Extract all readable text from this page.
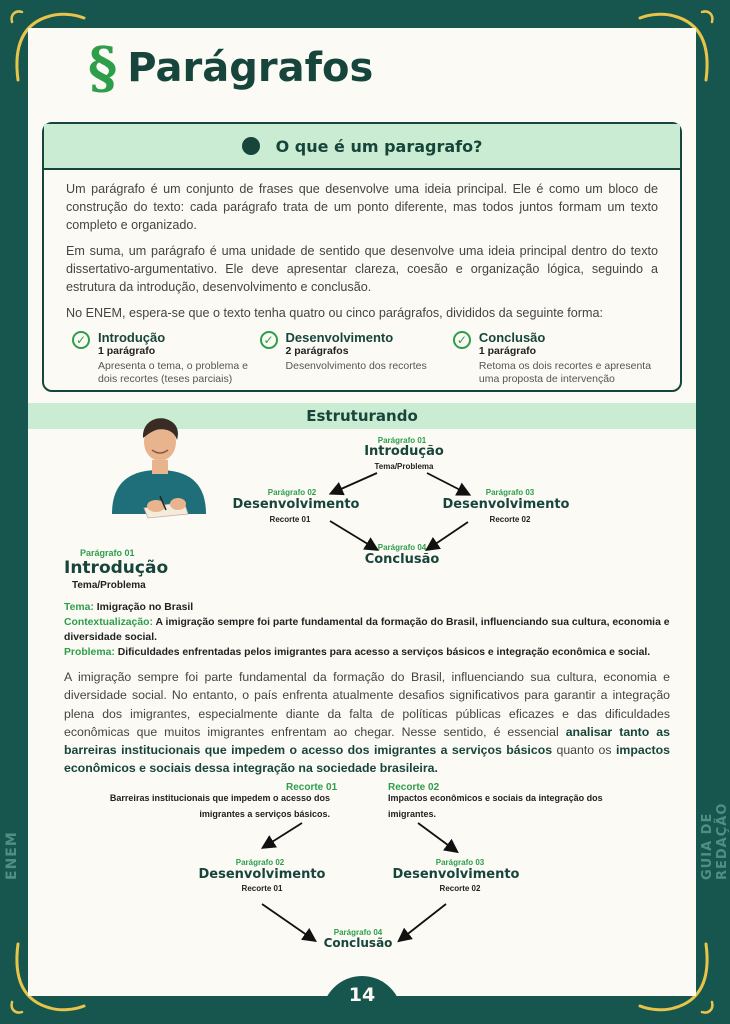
ENEM	GUIA DE REDAÇÃO
§ Parágrafos
O que é um paragrafo?

Um parágrafo é um conjunto de frases que desenvolve uma ideia principal. Ele é como um bloco de construção do texto: cada parágrafo trata de um ponto diferente, mas todos juntos formam um texto completo e organizado.

Em suma, um parágrafo é uma unidade de sentido que desenvolve uma ideia principal dentro do texto dissertativo-argumentativo. Ele deve apresentar clareza, coesão e organização lógica, seguindo a estrutura da introdução, desenvolvimento e conclusão.

No ENEM, espera-se que o texto tenha quatro ou cinco parágrafos, divididos da seguinte forma:

✓ Introdução
1 parágrafo
Apresenta o tema, o problema e dois recortes (teses parciais)
✓ Desenvolvimento
2 parágrafos
Desenvolvimento dos recortes
✓ Conclusão
1 parágrafo
Retoma os dois recortes e apresenta uma proposta de intervenção
Estruturando
Parágrafo 01
Introdução
Tema/Problema
Parágrafo 02
Desenvolvimento
Recorte 01
Parágrafo 03
Desenvolvimento
Recorte 02
Parágrafo 04
Conclusão
Parágrafo 01
Introdução
Tema/Problema
Tema: Imigração no Brasil
Contextualização: A imigração sempre foi parte fundamental da formação do Brasil, influenciando sua cultura, economia e diversidade social.
Problema: Dificuldades enfrentadas pelos imigrantes para acesso a serviços básicos e integração econômica e social.
A imigração sempre foi parte fundamental da formação do Brasil, influenciando sua cultura, economia e diversidade social. No entanto, o país enfrenta atualmente desafios significativos para garantir a integração plena dos imigrantes, especialmente diante da falta de políticas públicas eficazes e das dificuldades econômicas que muitos imigrantes enfrentam ao chegar. Nesse sentido, é essencial analisar tanto as barreiras institucionais que impedem o acesso dos imigrantes a serviços básicos quanto os impactos econômicos e sociais dessa integração na sociedade brasileira.
Recorte 01
Barreiras institucionais que impedem o acesso dos
imigrantes a serviços básicos.
Recorte 02
Impactos econômicos e sociais da integração dos
imigrantes.
Parágrafo 02
Desenvolvimento
Recorte 01
Parágrafo 03
Desenvolvimento
Recorte 02
Parágrafo 04
Conclusão
14
